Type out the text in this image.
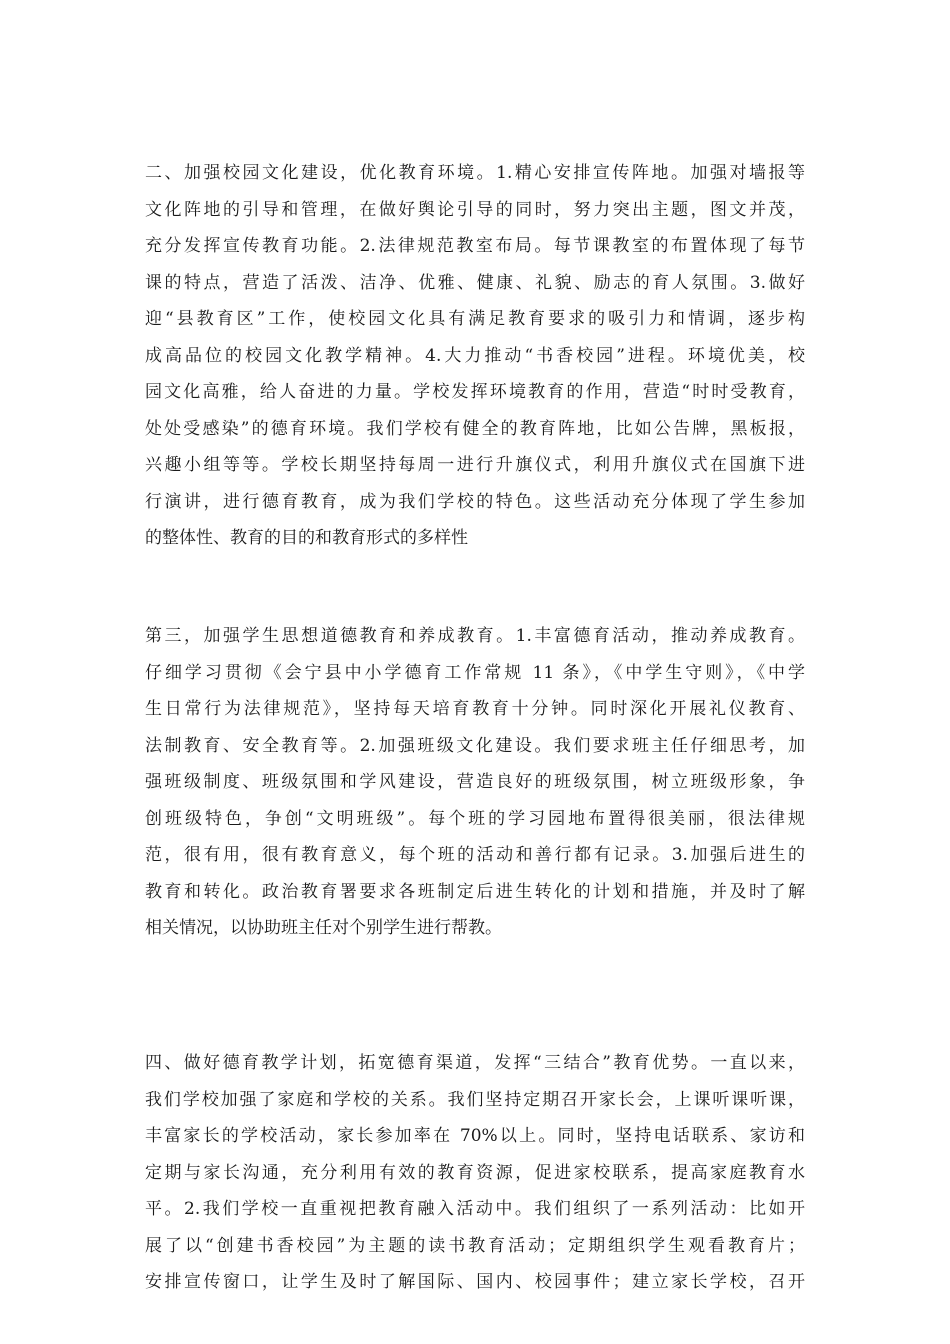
二、加强校园文化建设，优化教育环境。1.精心安排宣传阵地。加强对墙报等
文化阵地的引导和管理，在做好舆论引导的同时，努力突出主题，图文并茂，
充分发挥宣传教育功能。2.法律规范教室布局。每节课教室的布置体现了每节
课的特点，营造了活泼、洁净、优雅、健康、礼貌、励志的育人氛围。3.做好
迎“县教育区”工作，使校园文化具有满足教育要求的吸引力和情调，逐步构
成高品位的校园文化教学精神。4.大力推动“书香校园”进程。环境优美，校
园文化高雅，给人奋进的力量。学校发挥环境教育的作用，营造“时时受教育，
处处受感染”的德育环境。我们学校有健全的教育阵地，比如公告牌，黑板报，
兴趣小组等等。学校长期坚持每周一进行升旗仪式，利用升旗仪式在国旗下进
行演讲，进行德育教育，成为我们学校的特色。这些活动充分体现了学生参加
的整体性、教育的目的和教育形式的多样性
第三，加强学生思想道德教育和养成教育。1.丰富德育活动，推动养成教育。
仔细学习贯彻《会宁县中小学德育工作常规 11 条》，《中学生守则》，《中学
生日常行为法律规范》，坚持每天培育教育十分钟。同时深化开展礼仪教育、
法制教育、安全教育等。2.加强班级文化建设。我们要求班主任仔细思考，加
强班级制度、班级氛围和学风建设，营造良好的班级氛围，树立班级形象，争
创班级特色，争创“文明班级”。每个班的学习园地布置得很美丽，很法律规
范，很有用，很有教育意义，每个班的活动和善行都有记录。3.加强后进生的
教育和转化。政治教育署要求各班制定后进生转化的计划和措施，并及时了解
相关情况，以协助班主任对个别学生进行帮教。
四、做好德育教学计划，拓宽德育渠道，发挥“三结合”教育优势。一直以来，
我们学校加强了家庭和学校的关系。我们坚持定期召开家长会，上课听课听课，
丰富家长的学校活动，家长参加率在 70%以上。同时，坚持电话联系、家访和
定期与家长沟通，充分利用有效的教育资源，促进家校联系，提高家庭教育水
平。2.我们学校一直重视把教育融入活动中。我们组织了一系列活动：比如开
展了以“创建书香校园”为主题的读书教育活动；定期组织学生观看教育片；
安排宣传窗口，让学生及时了解国际、国内、校园事件；建立家长学校，召开
